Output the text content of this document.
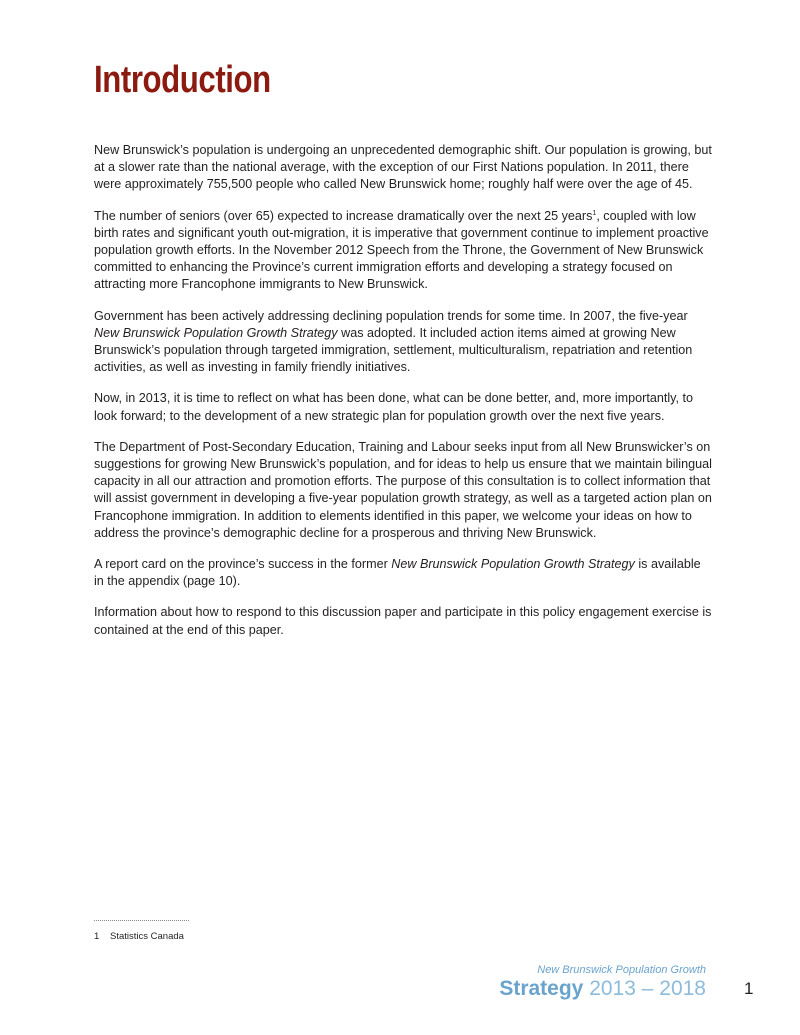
Introduction

New Brunswick’s population is undergoing an unprecedented demographic shift. Our population is growing, but at a slower rate than the national average, with the exception of our First Nations population. In 2011, there were approximately 755,500 people who called New Brunswick home; roughly half were over the age of 45.

The number of seniors (over 65) expected to increase dramatically over the next 25 years$^1$, coupled with low birth rates and significant youth out-migration, it is imperative that government continue to implement proactive population growth efforts. In the November 2012 Speech from the Throne, the Government of New Brunswick committed to enhancing the Province’s current immigration efforts and developing a strategy focused on attracting more Francophone immigrants to New Brunswick.

Government has been actively addressing declining population trends for some time. In 2007, the five-year New Brunswick Population Growth Strategy was adopted. It included action items aimed at growing New Brunswick’s population through targeted immigration, settlement, multiculturalism, repatriation and retention activities, as well as investing in family friendly initiatives.

Now, in 2013, it is time to reflect on what has been done, what can be done better, and, more importantly, to look forward; to the development of a new strategic plan for population growth over the next five years.

The Department of Post-Secondary Education, Training and Labour seeks input from all New Brunswicker’s on suggestions for growing New Brunswick’s population, and for ideas to help us ensure that we maintain bilingual capacity in all our attraction and promotion efforts. The purpose of this consultation is to collect information that will assist government in developing a five-year population growth strategy, as well as a targeted action plan on Francophone immigration. In addition to elements identified in this paper, we welcome your ideas on how to address the province’s demographic decline for a prosperous and thriving New Brunswick.

A report card on the province’s success in the former New Brunswick Population Growth Strategy is available in the appendix (page 10).

Information about how to respond to this discussion paper and participate in this policy engagement exercise is contained at the end of this paper.

1 Statistics Canada
New Brunswick Population Growth
Strategy 2013 – 2018 1
